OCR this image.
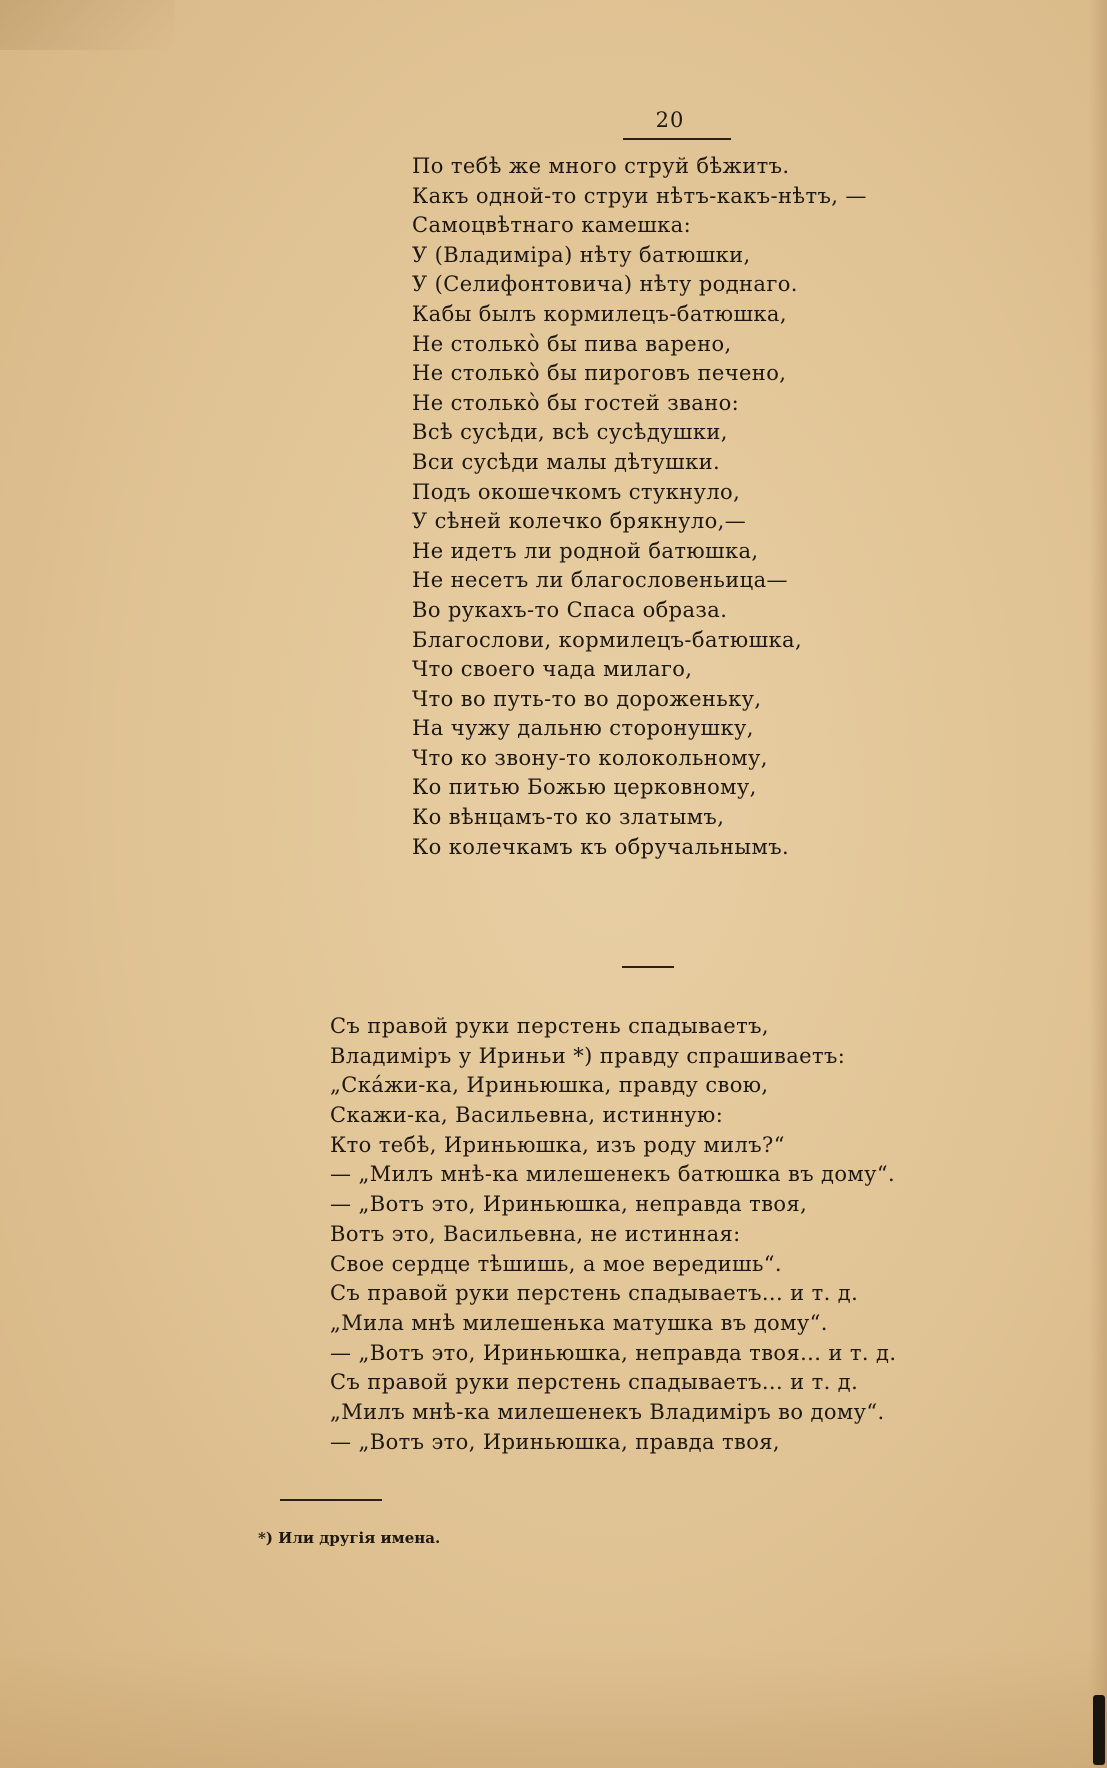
20
По тебѣ же много струй бѣжитъ.
Какъ одной-то струи нѣтъ-какъ-нѣтъ, —
Самоцвѣтнаго камешка:
У (Владиміра) нѣту батюшки,
У (Селифонтовича) нѣту роднаго.
Кабы былъ кормилецъ-батюшка,
Не столько̀ бы пива варено,
Не столько̀ бы пироговъ печено,
Не столько̀ бы гостей звано:
Всѣ сусѣди, всѣ сусѣдушки,
Вси сусѣди малы дѣтушки.
Подъ окошечкомъ стукнуло,
У сѣней колечко брякнуло,—
Не идетъ ли родной батюшка,
Не несетъ ли благословеньица—
Во рукахъ-то Спаса образа.
Благослови, кормилецъ-батюшка,
Что своего чада милаго,
Что во путь-то во дороженьку,
На чужу дальню сторонушку,
Что ко звону-то колокольному,
Ко питью Божью церковному,
Ко вѣнцамъ-то ко златымъ,
Ко колечкамъ къ обручальнымъ.
Съ правой руки перстень спадываетъ,
Владиміръ у Ириньи *) правду спрашиваетъ:
„Скáжи-ка, Ириньюшка, правду свою,
Скажи-ка, Васильевна, истинную:
Кто тебѣ, Ириньюшка, изъ роду милъ?“
— „Милъ мнѣ-ка милешенекъ батюшка въ дому“.
— „Вотъ это, Ириньюшка, неправда твоя,
Вотъ это, Васильевна, не истинная:
Свое сердце тѣшишь, а мое вередишь“.
Съ правой руки перстень спадываетъ... и т. д.
„Мила мнѣ милешенька матушка въ дому“.
— „Вотъ это, Ириньюшка, неправда твоя... и т. д.
Съ правой руки перстень спадываетъ... и т. д.
„Милъ мнѣ-ка милешенекъ Владиміръ во дому“.
— „Вотъ это, Ириньюшка, правда твоя,
*) Или другія имена.
